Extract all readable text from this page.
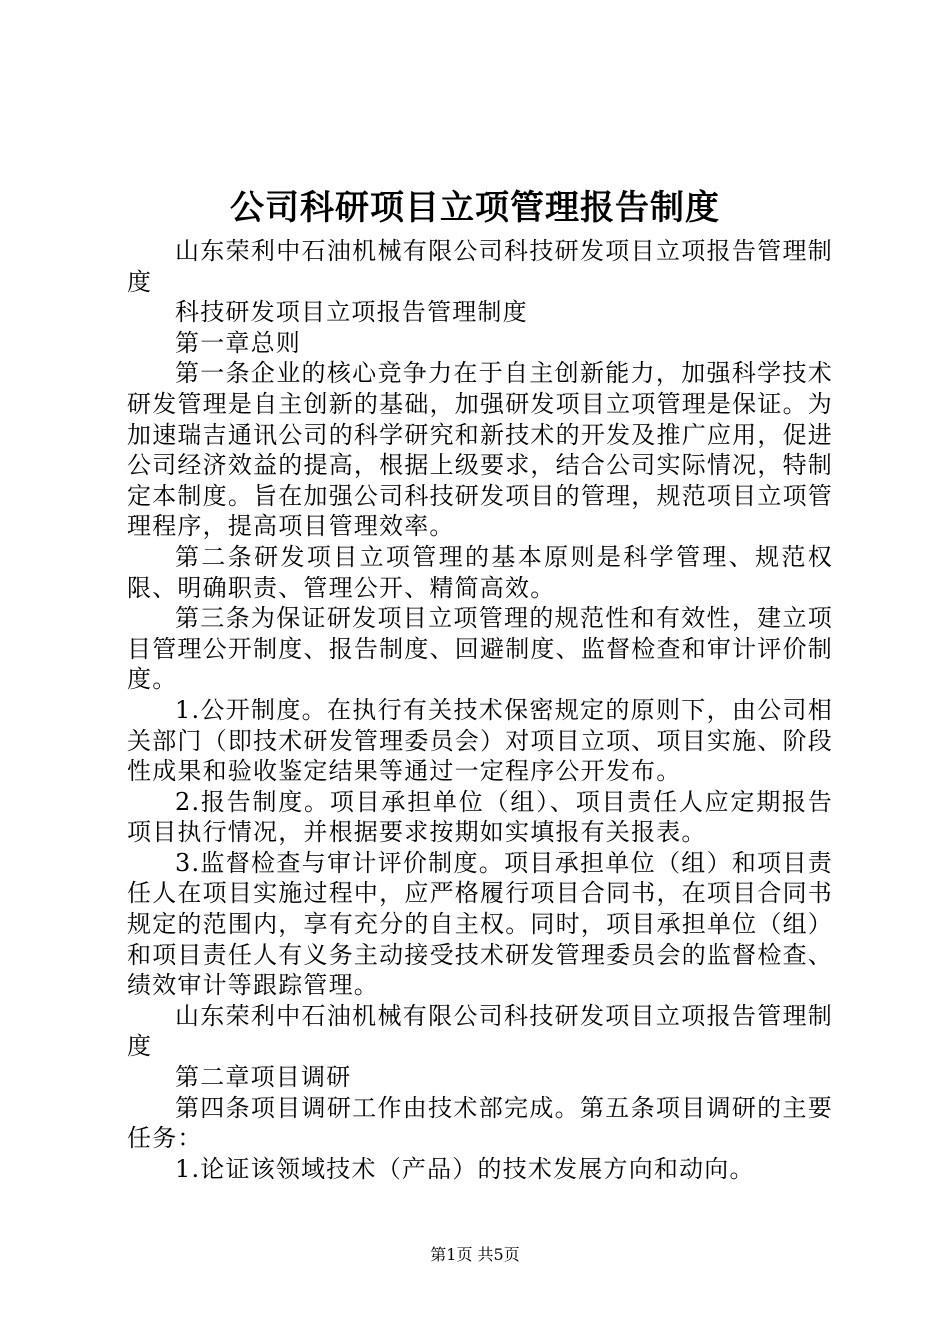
公司科研项目立项管理报告制度

山东荣利中石油机械有限公司科技研发项目立项报告管理制度

科技研发项目立项报告管理制度

第一章总则

第一条企业的核心竞争力在于自主创新能力，加强科学技术研发管理是自主创新的基础，加强研发项目立项管理是保证。为加速瑞吉通讯公司的科学研究和新技术的开发及推广应用，促进公司经济效益的提高，根据上级要求，结合公司实际情况，特制定本制度。旨在加强公司科技研发项目的管理，规范项目立项管理程序，提高项目管理效率。

第二条研发项目立项管理的基本原则是科学管理、规范权限、明确职责、管理公开、精简高效。

第三条为保证研发项目立项管理的规范性和有效性，建立项目管理公开制度、报告制度、回避制度、监督检查和审计评价制度。

1.公开制度。在执行有关技术保密规定的原则下，由公司相关部门（即技术研发管理委员会）对项目立项、项目实施、阶段性成果和验收鉴定结果等通过一定程序公开发布。

2.报告制度。项目承担单位（组）、项目责任人应定期报告项目执行情况，并根据要求按期如实填报有关报表。

3.监督检查与审计评价制度。项目承担单位（组）和项目责任人在项目实施过程中，应严格履行项目合同书，在项目合同书规定的范围内，享有充分的自主权。同时，项目承担单位（组）和项目责任人有义务主动接受技术研发管理委员会的监督检查、绩效审计等跟踪管理。

山东荣利中石油机械有限公司科技研发项目立项报告管理制度

第二章项目调研

第四条项目调研工作由技术部完成。第五条项目调研的主要任务：

1.论证该领域技术（产品）的技术发展方向和动向。

第1页 共5页
